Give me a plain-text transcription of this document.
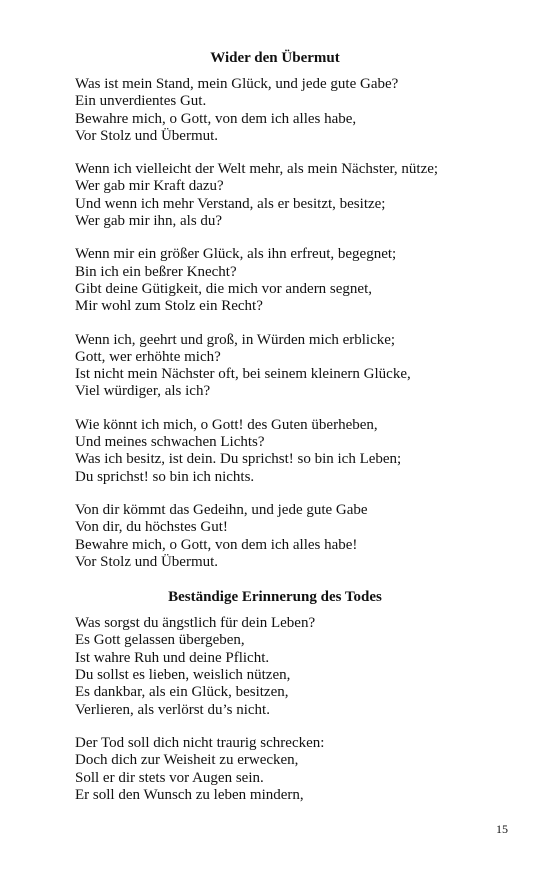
Wider den Übermut
Was ist mein Stand, mein Glück, und jede gute Gabe?
Ein unverdientes Gut.
Bewahre mich, o Gott, von dem ich alles habe,
Vor Stolz und Übermut.
Wenn ich vielleicht der Welt mehr, als mein Nächster, nütze;
Wer gab mir Kraft dazu?
Und wenn ich mehr Verstand, als er besitzt, besitze;
Wer gab mir ihn, als du?
Wenn mir ein größer Glück, als ihn erfreut, begegnet;
Bin ich ein beßrer Knecht?
Gibt deine Gütigkeit, die mich vor andern segnet,
Mir wohl zum Stolz ein Recht?
Wenn ich, geehrt und groß, in Würden mich erblicke;
Gott, wer erhöhte mich?
Ist nicht mein Nächster oft, bei seinem kleinern Glücke,
Viel würdiger, als ich?
Wie könnt ich mich, o Gott! des Guten überheben,
Und meines schwachen Lichts?
Was ich besitz, ist dein. Du sprichst! so bin ich Leben;
Du sprichst! so bin ich nichts.
Von dir kömmt das Gedeihn, und jede gute Gabe
Von dir, du höchstes Gut!
Bewahre mich, o Gott, von dem ich alles habe!
Vor Stolz und Übermut.
Beständige Erinnerung des Todes
Was sorgst du ängstlich für dein Leben?
Es Gott gelassen übergeben,
Ist wahre Ruh und deine Pflicht.
Du sollst es lieben, weislich nützen,
Es dankbar, als ein Glück, besitzen,
Verlieren, als verlörst du’s nicht.
Der Tod soll dich nicht traurig schrecken:
Doch dich zur Weisheit zu erwecken,
Soll er dir stets vor Augen sein.
Er soll den Wunsch zu leben mindern,
15
